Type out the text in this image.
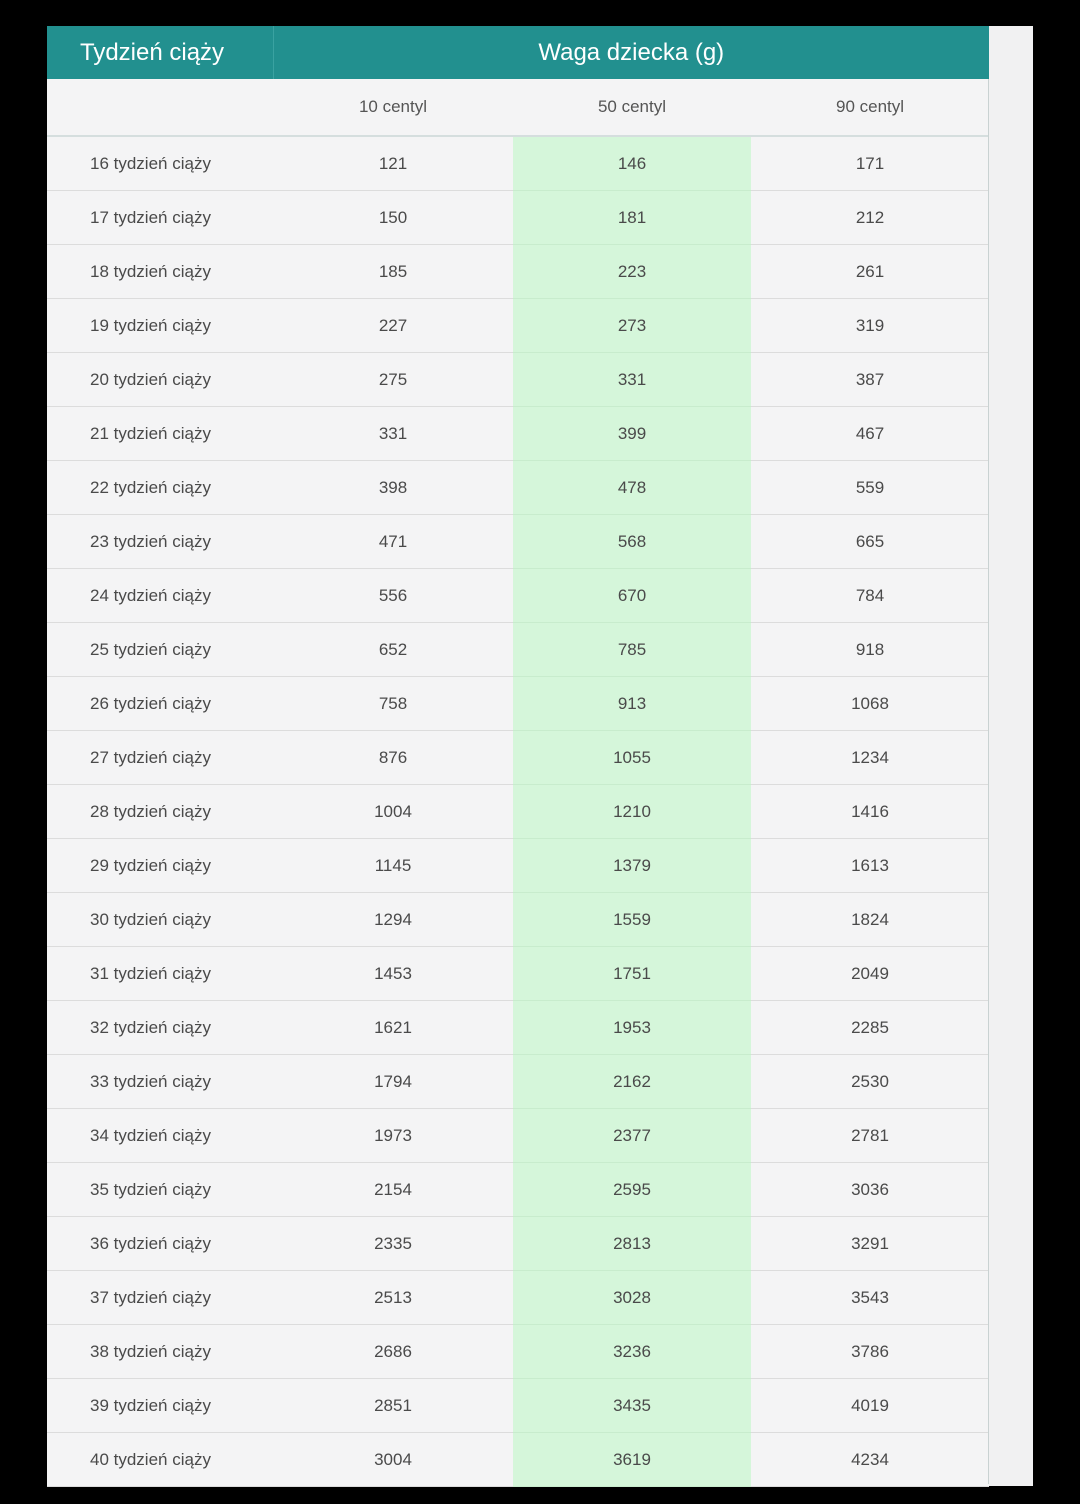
Tydzień ciąży	Waga dziecka (g)		
	10 centyl	50 centyl	90 centyl
16 tydzień ciąży	121	146	171
17 tydzień ciąży	150	181	212
18 tydzień ciąży	185	223	261
19 tydzień ciąży	227	273	319
20 tydzień ciąży	275	331	387
21 tydzień ciąży	331	399	467
22 tydzień ciąży	398	478	559
23 tydzień ciąży	471	568	665
24 tydzień ciąży	556	670	784
25 tydzień ciąży	652	785	918
26 tydzień ciąży	758	913	1068
27 tydzień ciąży	876	1055	1234
28 tydzień ciąży	1004	1210	1416
29 tydzień ciąży	1145	1379	1613
30 tydzień ciąży	1294	1559	1824
31 tydzień ciąży	1453	1751	2049
32 tydzień ciąży	1621	1953	2285
33 tydzień ciąży	1794	2162	2530
34 tydzień ciąży	1973	2377	2781
35 tydzień ciąży	2154	2595	3036
36 tydzień ciąży	2335	2813	3291
37 tydzień ciąży	2513	3028	3543
38 tydzień ciąży	2686	3236	3786
39 tydzień ciąży	2851	3435	4019
40 tydzień ciąży	3004	3619	4234
